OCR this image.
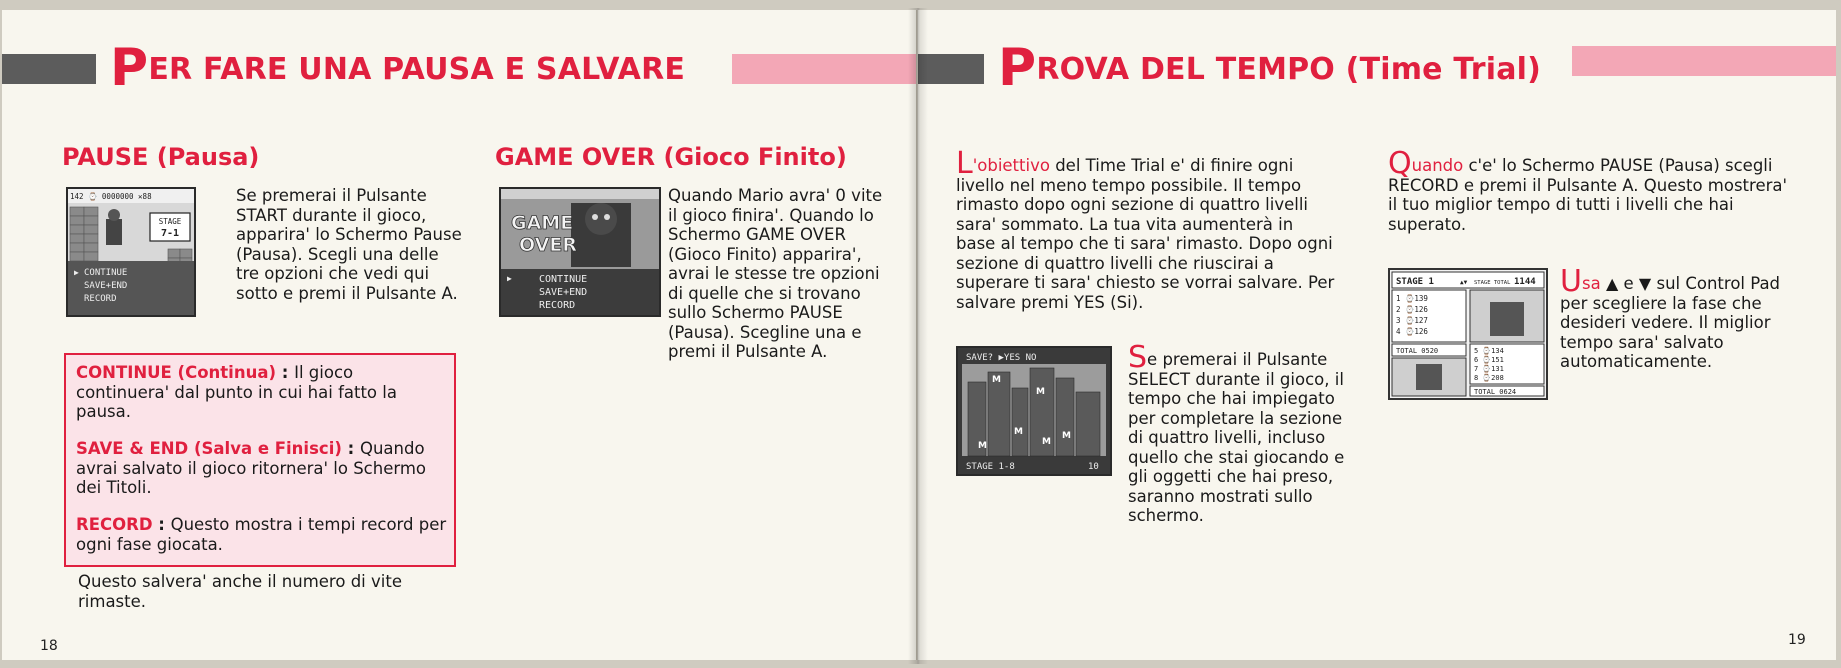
PER FARE UNA PAUSA E SALVARE
PAUSE (Pausa)
142 ⌚ 0000000 ✕88
STAGE
7-1
▶ CONTINUE
SAVE+END
RECORD
Se premerai il Pulsante START durante il gioco, apparira' lo Schermo Pause (Pausa). Scegli una delle tre opzioni che vedi qui sotto e premi il Pulsante A.
GAME OVER (Gioco Finito)
GAME
OVER
▶	CONTINUE
SAVE+END
RECORD
Quando Mario avra' 0 vite il gioco finira'. Quando lo Schermo GAME OVER (Gioco Finito) apparira', avrai le stesse tre opzioni di quelle che si trovano sullo Schermo PAUSE (Pausa). Scegline una e premi il Pulsante A.
CONTINUE (Continua) : Il gioco continuera' dal punto in cui hai fatto la pausa.
SAVE & END (Salva e Finisci) : Quando avrai salvato il gioco ritornera' lo Schermo dei Titoli.
RECORD : Questo mostra i tempi record per ogni fase giocata.
Questo salvera' anche il numero di vite rimaste.
18
PROVA DEL TEMPO (Time Trial)
L'obiettivo del Time Trial e' di finire ogni livello nel meno tempo possibile. Il tempo rimasto dopo ogni sezione di quattro livelli sara' sommato. La tua vita aumenterà in base al tempo che ti sara' rimasto. Dopo ogni sezione di quattro livelli che riuscirai a superare ti sara' chiesto se vorrai salvare. Per salvare premi YES (Si).
SAVE? ▶YES NO
M
M
M
M
M
M
STAGE 1-8	10
Se premerai il Pulsante SELECT durante il gioco, il tempo che hai impiegato per completare la sezione di quattro livelli, incluso quello che stai giocando e gli oggetti che hai preso, saranno mostrati sullo schermo.
Quando c'e' lo Schermo PAUSE (Pausa) scegli RECORD e premi il Pulsante A. Questo mostrera' il tuo miglior tempo di tutti i livelli che hai superato.
STAGE 1	▲▼ STAGE TOTAL 1144
1 ⌚139
2 ⌚126
3 ⌚127
4 ⌚126
TOTAL 0520	5 ⌚134
6 ⌚151
7 ⌚131
8 ⌚208
TOTAL 0624
Usa ▲ e ▼ sul Control Pad per scegliere la fase che desideri vedere. Il miglior tempo sara' salvato automaticamente.
19
